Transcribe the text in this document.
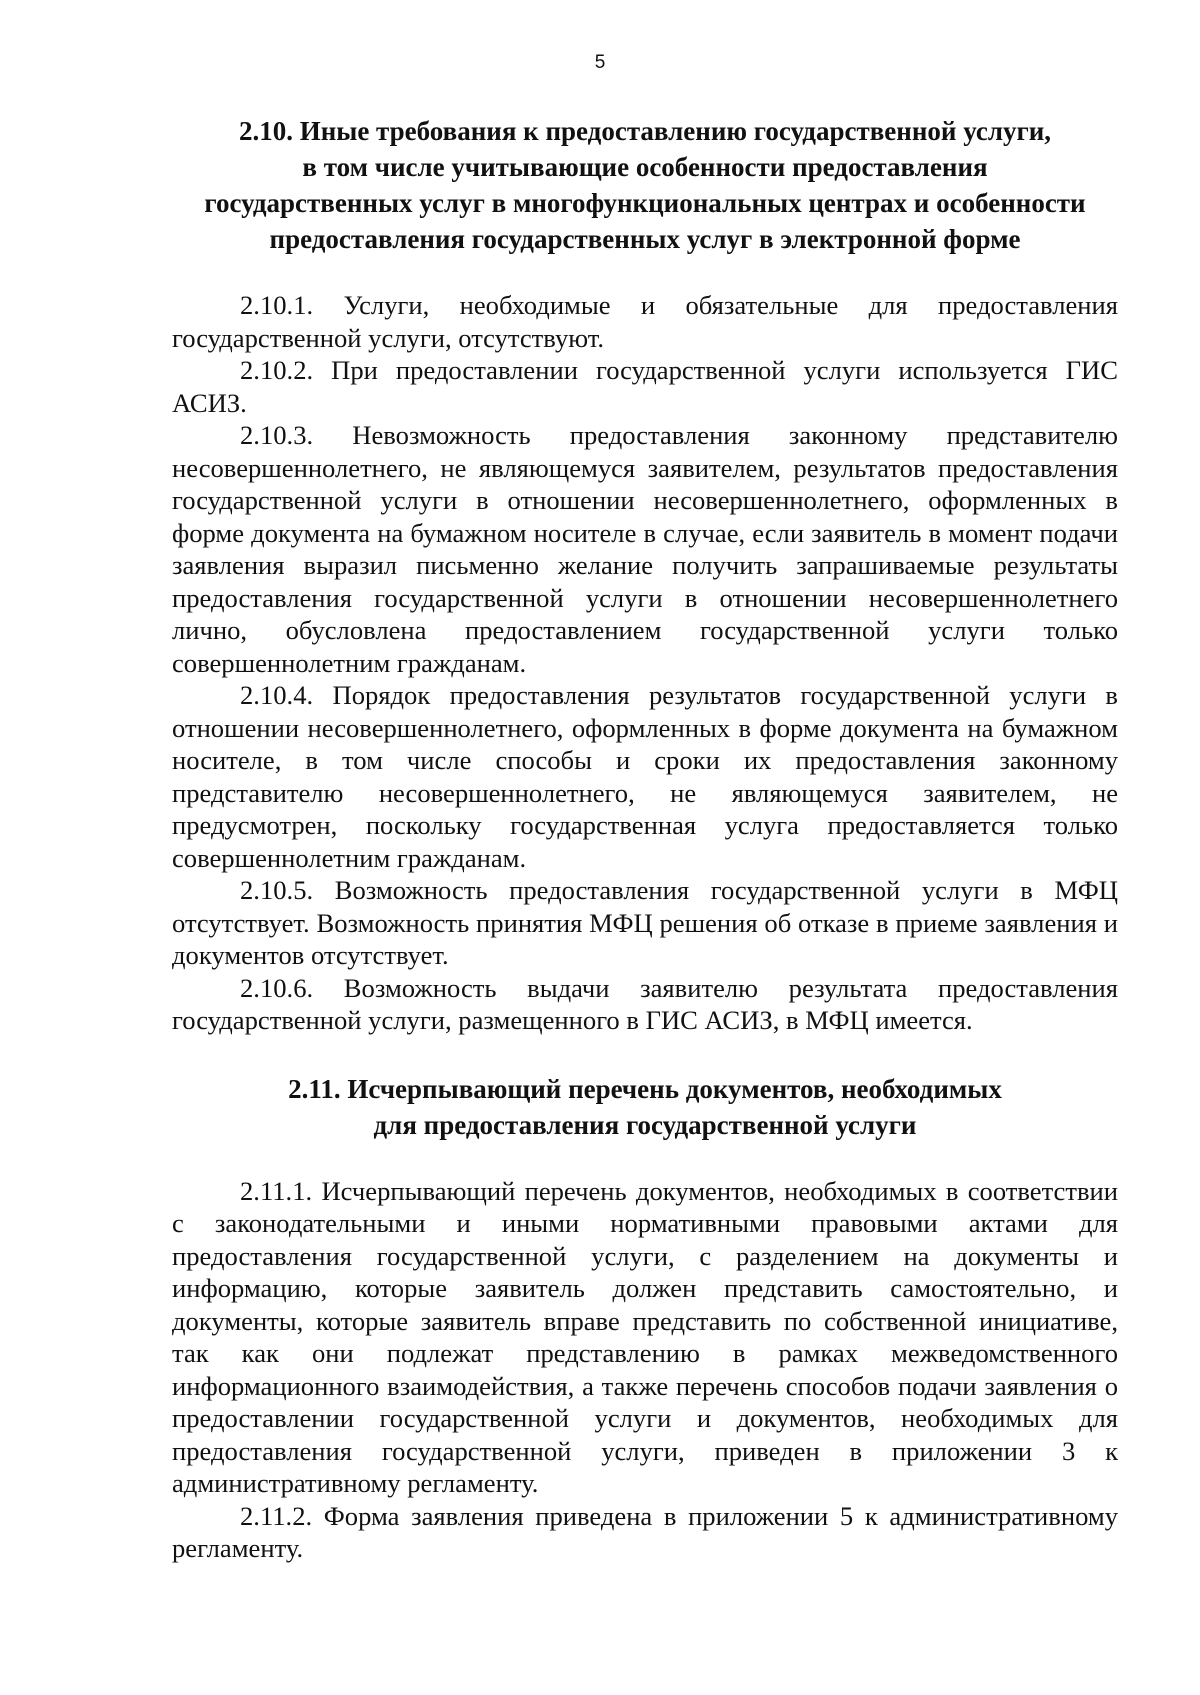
5
2.10. Иные требования к предоставлению государственной услуги,
в том числе учитывающие особенности предоставления
государственных услуг в многофункциональных центрах и особенности
предоставления государственных услуг в электронной форме

2.10.1. Услуги, необходимые и обязательные для предоставления государственной услуги, отсутствуют.

2.10.2. При предоставлении государственной услуги используется ГИС АСИЗ.

2.10.3. Невозможность предоставления законному представителю несовершеннолетнего, не являющемуся заявителем, результатов предоставления государственной услуги в отношении несовершеннолетнего, оформленных в форме документа на бумажном носителе в случае, если заявитель в момент подачи заявления выразил письменно желание получить запрашиваемые результаты предоставления государственной услуги в отношении несовершеннолетнего лично, обусловлена предоставлением государственной услуги только совершеннолетним гражданам.

2.10.4. Порядок предоставления результатов государственной услуги в отношении несовершеннолетнего, оформленных в форме документа на бумажном носителе, в том числе способы и сроки их предоставления законному представителю несовершеннолетнего, не являющемуся заявителем, не предусмотрен, поскольку государственная услуга предоставляется только совершеннолетним гражданам.

2.10.5. Возможность предоставления государственной услуги в МФЦ отсутствует. Возможность принятия МФЦ решения об отказе в приеме заявления и документов отсутствует.

2.10.6. Возможность выдачи заявителю результата предоставления государственной услуги, размещенного в ГИС АСИЗ, в МФЦ имеется.

2.11. Исчерпывающий перечень документов, необходимых
для предоставления государственной услуги

2.11.1. Исчерпывающий перечень документов, необходимых в соответствии с законодательными и иными нормативными правовыми актами для предоставления государственной услуги, с разделением на документы и информацию, которые заявитель должен представить самостоятельно, и документы, которые заявитель вправе представить по собственной инициативе, так как они подлежат представлению в рамках межведомственного информационного взаимодействия, а также перечень способов подачи заявления о предоставлении государственной услуги и документов, необходимых для предоставления государственной услуги, приведен в приложении 3 к административному регламенту.

2.11.2. Форма заявления приведена в приложении 5 к административному регламенту.
